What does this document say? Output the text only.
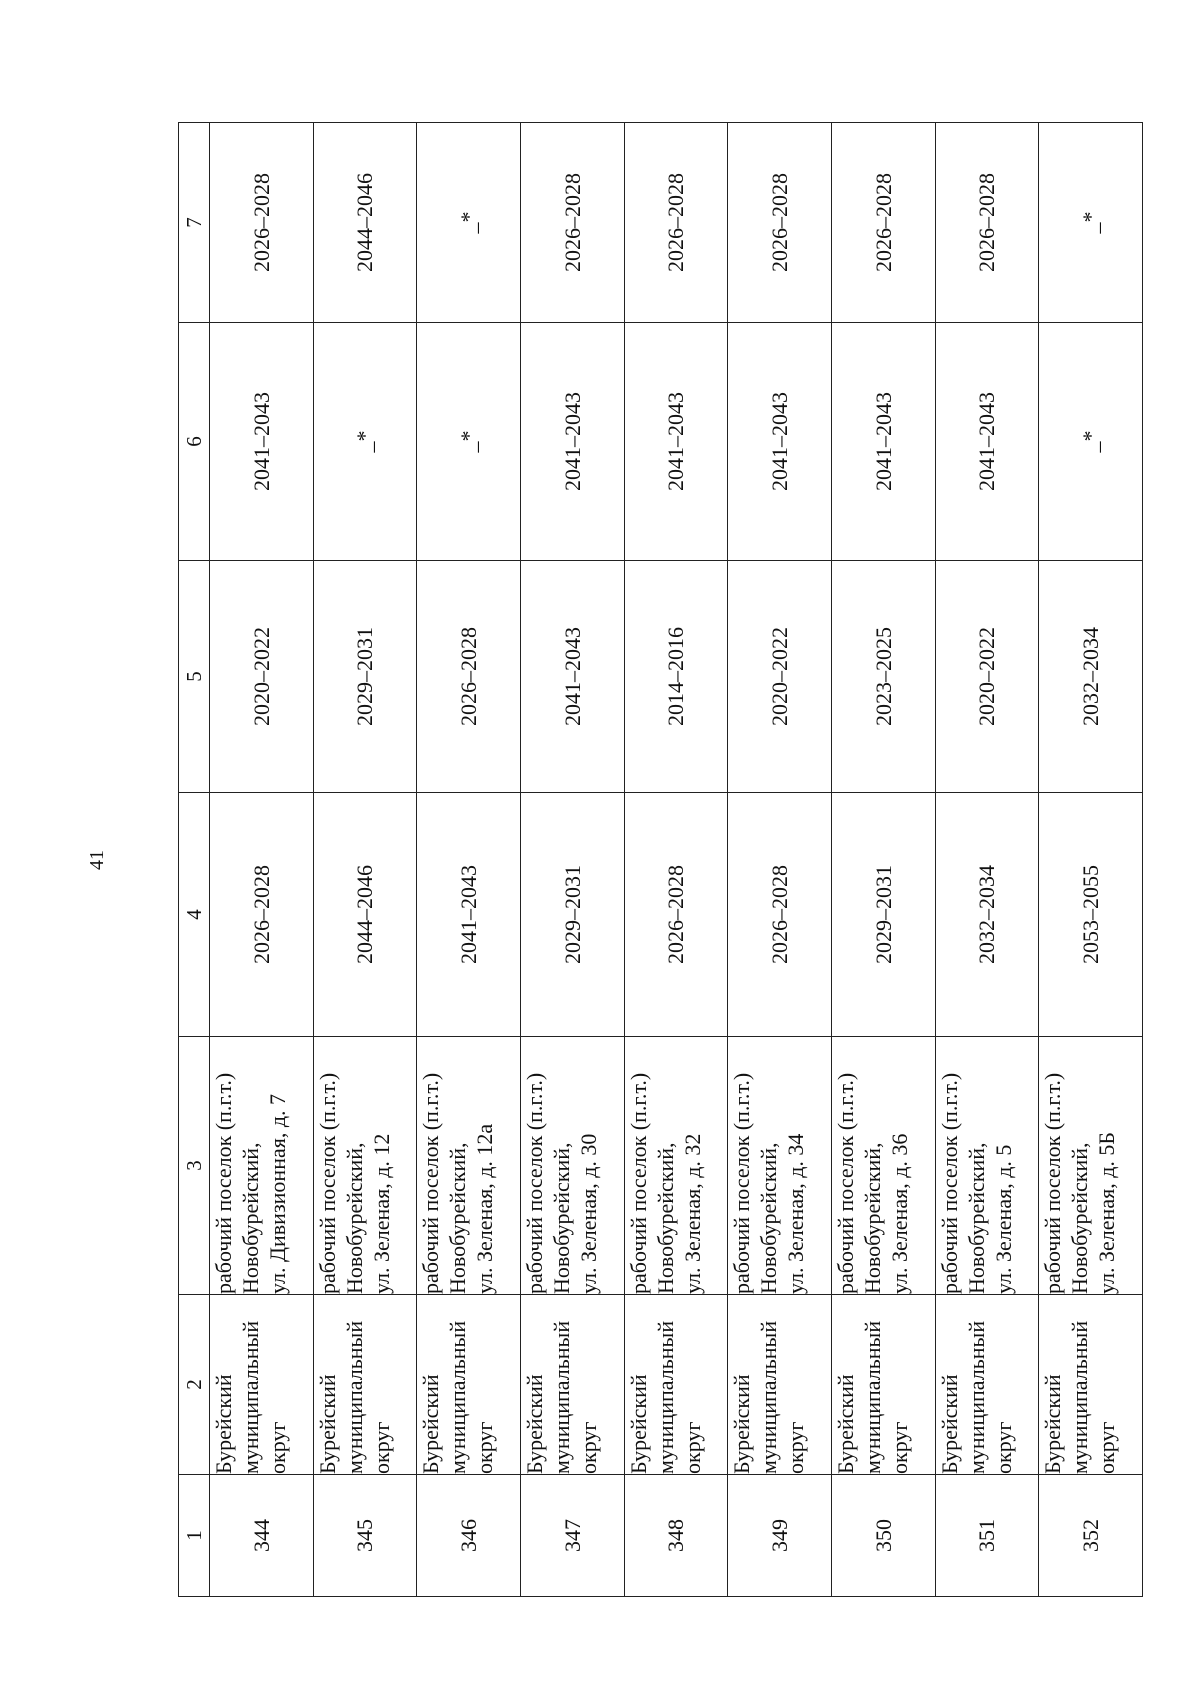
41
1	2	3	4	5	6	7
344	Бурейский
муниципальный
округ	рабочий поселок (п.г.т.)
Новобурейский,
ул. Дивизионная, д. 7	2026–2028	2020–2022	2041–2043	2026–2028
345	Бурейский
муниципальный
округ	рабочий поселок (п.г.т.)
Новобурейский,
ул. Зеленая, д. 12	2044–2046	2029–2031	_*	2044–2046
346	Бурейский
муниципальный
округ	рабочий поселок (п.г.т.)
Новобурейский,
ул. Зеленая, д. 12а	2041–2043	2026–2028	_*	_*
347	Бурейский
муниципальный
округ	рабочий поселок (п.г.т.)
Новобурейский,
ул. Зеленая, д. 30	2029–2031	2041–2043	2041–2043	2026–2028
348	Бурейский
муниципальный
округ	рабочий поселок (п.г.т.)
Новобурейский,
ул. Зеленая, д. 32	2026–2028	2014–2016	2041–2043	2026–2028
349	Бурейский
муниципальный
округ	рабочий поселок (п.г.т.)
Новобурейский,
ул. Зеленая, д. 34	2026–2028	2020–2022	2041–2043	2026–2028
350	Бурейский
муниципальный
округ	рабочий поселок (п.г.т.)
Новобурейский,
ул. Зеленая, д. 36	2029–2031	2023–2025	2041–2043	2026–2028
351	Бурейский
муниципальный
округ	рабочий поселок (п.г.т.)
Новобурейский,
ул. Зеленая, д. 5	2032–2034	2020–2022	2041–2043	2026–2028
352	Бурейский
муниципальный
округ	рабочий поселок (п.г.т.)
Новобурейский,
ул. Зеленая, д. 5Б	2053–2055	2032–2034	_*	_*
